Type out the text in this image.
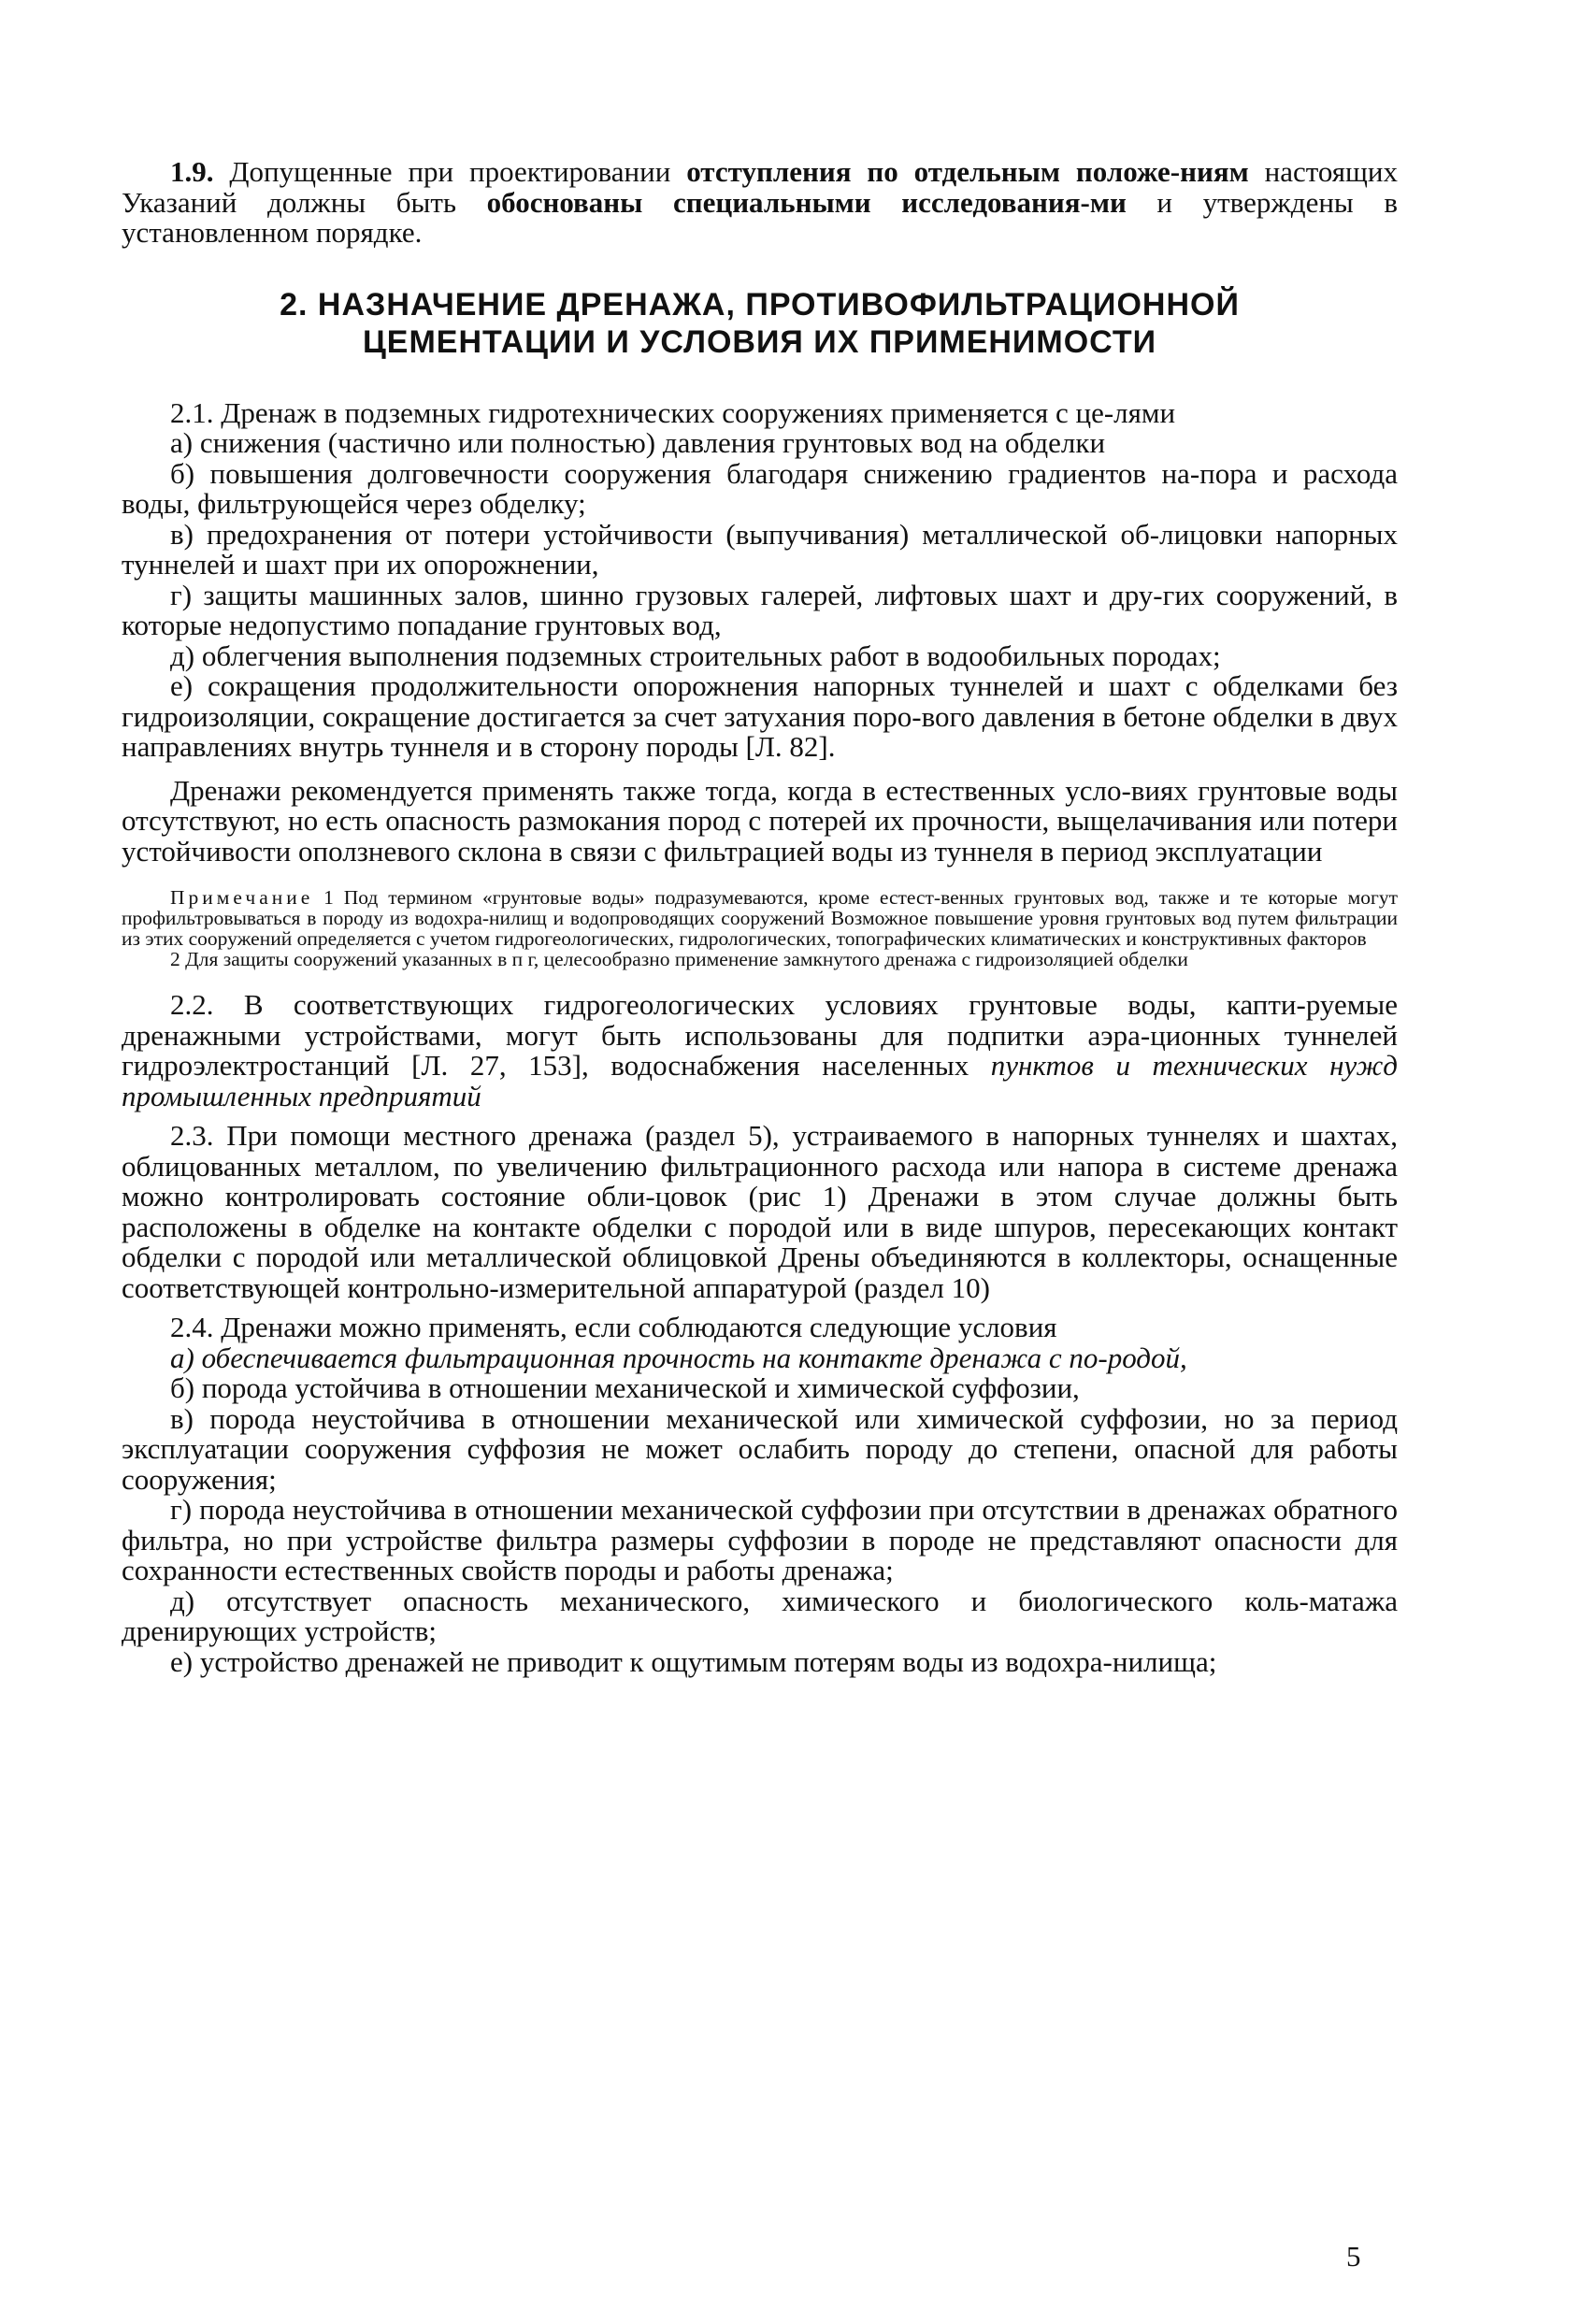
1.9. Допущенные при проектировании отступления по отдельным положе-ниям настоящих Указаний должны быть обоснованы специальными исследования-ми и утверждены в установленном порядке.

2. НАЗНАЧЕНИЕ ДРЕНАЖА, ПРОТИВОФИЛЬТРАЦИОННОЙ

ЦЕМЕНТАЦИИ И УСЛОВИЯ ИХ ПРИМЕНИМОСТИ

2.1. Дренаж в подземных гидротехнических сооружениях применяется с це-лями

а) снижения (частично или полностью) давления грунтовых вод на обделки

б) повышения долговечности сооружения благодаря снижению градиентов на-пора и расхода воды, фильтрующейся через обделку;

в) предохранения от потери устойчивости (выпучивания) металлической об-лицовки напорных туннелей и шахт при их опорожнении,

г) защиты машинных залов, шинно грузовых галерей, лифтовых шахт и дру-гих сооружений, в которые недопустимо попадание грунтовых вод,

д) облегчения выполнения подземных строительных работ в водообильных породах;

е) сокращения продолжительности опорожнения напорных туннелей и шахт с обделками без гидроизоляции, сокращение достигается за счет затухания поро-вого давления в бетоне обделки в двух направлениях внутрь туннеля и в сторону породы [Л. 82].

Дренажи рекомендуется применять также тогда, когда в естественных усло-виях грунтовые воды отсутствуют, но есть опасность размокания пород с потерей их прочности, выщелачивания или потери устойчивости оползневого склона в связи с фильтрацией воды из туннеля в период эксплуатации

Примечание 1 Под термином «грунтовые воды» подразумеваются, кроме естест-венных грунтовых вод, также и те которые могут профильтровываться в породу из водохра-нилищ и водопроводящих сооружений Возможное повышение уровня грунтовых вод путем фильтрации из этих сооружений определяется с учетом гидрогеологических, гидрологических, топографических климатических и конструктивных факторов

2 Для защиты сооружений указанных в п г, целесообразно применение замкнутого дренажа с гидроизоляцией обделки

2.2. В соответствующих гидрогеологических условиях грунтовые воды, капти-руемые дренажными устройствами, могут быть использованы для подпитки аэра-ционных туннелей гидроэлектростанций [Л. 27, 153], водоснабжения населенных пунктов и технических нужд промышленных предприятий

2.3. При помощи местного дренажа (раздел 5), устраиваемого в напорных туннелях и шахтах, облицованных металлом, по увеличению фильтрационного расхода или напора в системе дренажа можно контролировать состояние обли-цовок (рис 1) Дренажи в этом случае должны быть расположены в обделке на контакте обделки с породой или в виде шпуров, пересекающих контакт обделки с породой или металлической облицовкой Дрены объединяются в коллекторы, оснащенные соответствующей контрольно-измерительной аппаратурой (раздел 10)

2.4. Дренажи можно применять, если соблюдаются следующие условия

а) обеспечивается фильтрационная прочность на контакте дренажа с по-родой,

б) порода устойчива в отношении механической и химической суффозии,

в) порода неустойчива в отношении механической или химической суффозии, но за период эксплуатации сооружения суффозия не может ослабить породу до степени, опасной для работы сооружения;

г) порода неустойчива в отношении механической суффозии при отсутствии в дренажах обратного фильтра, но при устройстве фильтра размеры суффозии в породе не представляют опасности для сохранности естественных свойств породы и работы дренажа;

д) отсутствует опасность механического, химического и биологического коль-матажа дренирующих устройств;

е) устройство дренажей не приводит к ощутимым потерям воды из водохра-нилища;

5
